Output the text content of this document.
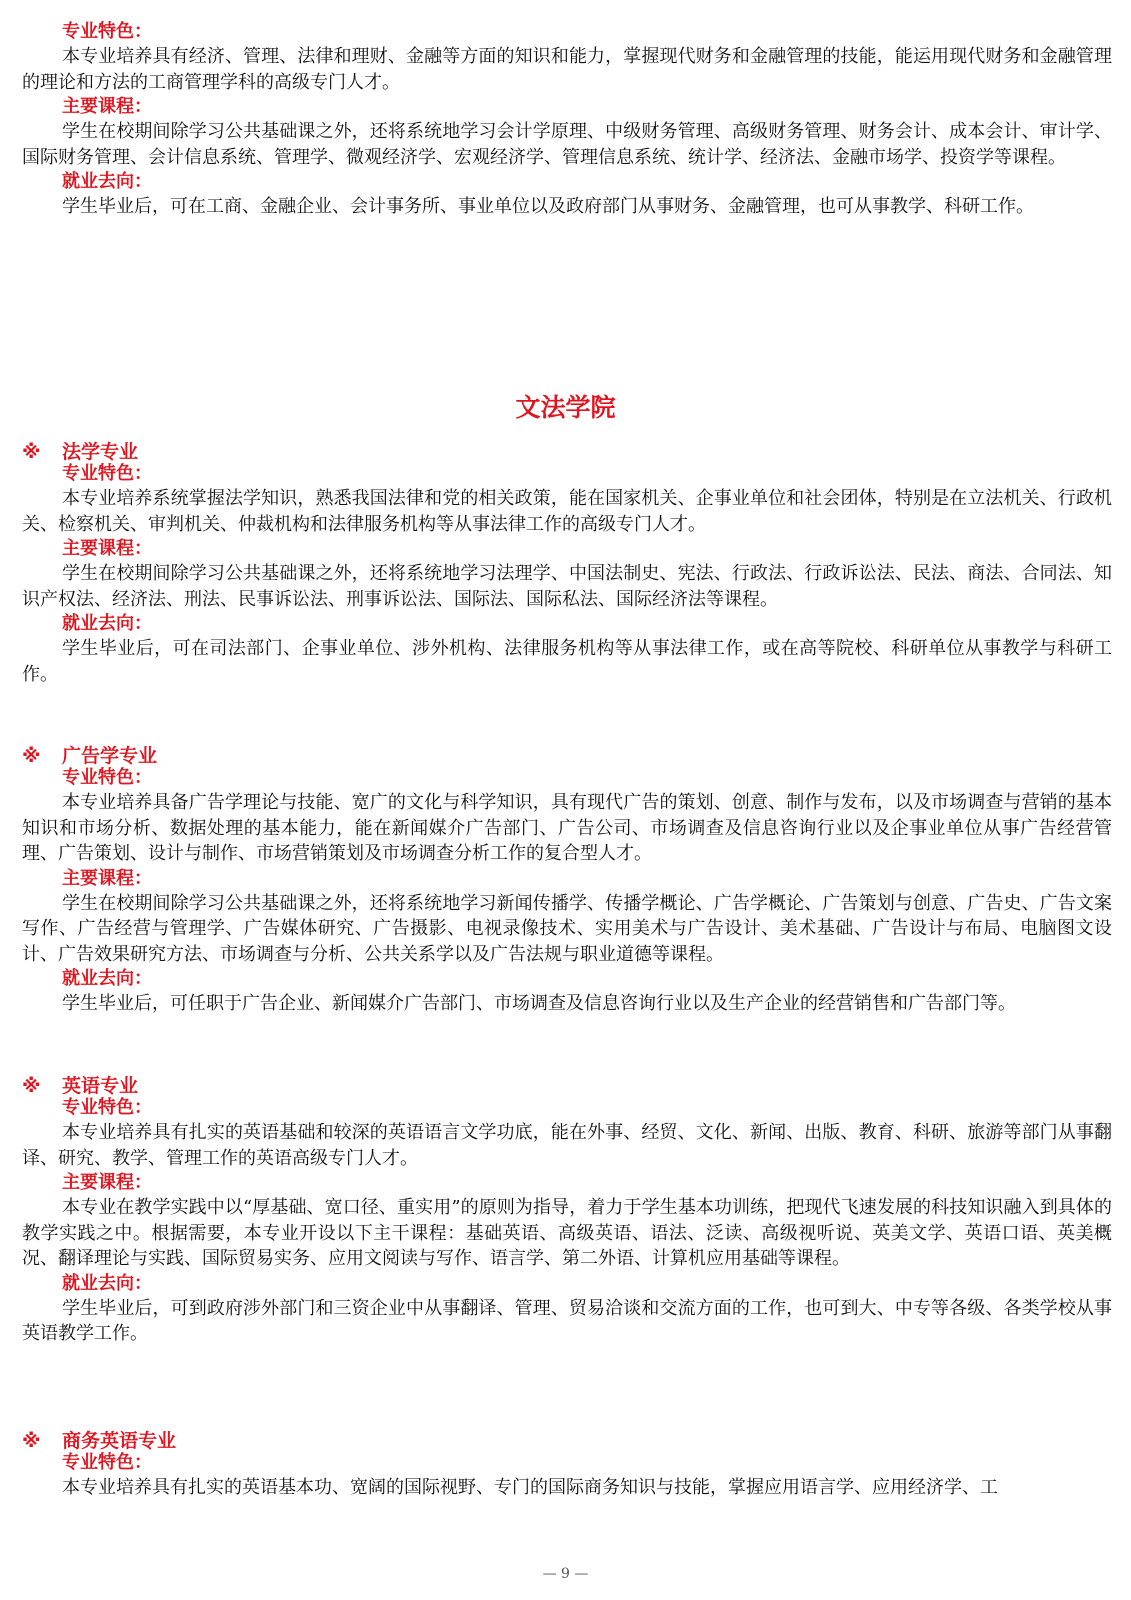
专业特色：

本专业培养具有经济、管理、法律和理财、金融等方面的知识和能力，掌握现代财务和金融管理的技能，能运用现代财务和金融管理的理论和方法的工商管理学科的高级专门人才。

主要课程：

学生在校期间除学习公共基础课之外，还将系统地学习会计学原理、中级财务管理、高级财务管理、财务会计、成本会计、审计学、国际财务管理、会计信息系统、管理学、微观经济学、宏观经济学、管理信息系统、统计学、经济法、金融市场学、投资学等课程。

就业去向：

学生毕业后，可在工商、金融企业、会计事务所、事业单位以及政府部门从事财务、金融管理，也可从事教学、科研工作。

文法学院
※ 法学专业
专业特色：

本专业培养系统掌握法学知识，熟悉我国法律和党的相关政策，能在国家机关、企事业单位和社会团体，特别是在立法机关、行政机关、检察机关、审判机关、仲裁机构和法律服务机构等从事法律工作的高级专门人才。

主要课程：

学生在校期间除学习公共基础课之外，还将系统地学习法理学、中国法制史、宪法、行政法、行政诉讼法、民法、商法、合同法、知识产权法、经济法、刑法、民事诉讼法、刑事诉讼法、国际法、国际私法、国际经济法等课程。

就业去向：

学生毕业后，可在司法部门、企事业单位、涉外机构、法律服务机构等从事法律工作，或在高等院校、科研单位从事教学与科研工作。

※ 广告学专业
专业特色：

本专业培养具备广告学理论与技能、宽广的文化与科学知识，具有现代广告的策划、创意、制作与发布，以及市场调查与营销的基本知识和市场分析、数据处理的基本能力，能在新闻媒介广告部门、广告公司、市场调查及信息咨询行业以及企事业单位从事广告经营管理、广告策划、设计与制作、市场营销策划及市场调查分析工作的复合型人才。

主要课程：

学生在校期间除学习公共基础课之外，还将系统地学习新闻传播学、传播学概论、广告学概论、广告策划与创意、广告史、广告文案写作、广告经营与管理学、广告媒体研究、广告摄影、电视录像技术、实用美术与广告设计、美术基础、广告设计与布局、电脑图文设计、广告效果研究方法、市场调查与分析、公共关系学以及广告法规与职业道德等课程。

就业去向：

学生毕业后，可任职于广告企业、新闻媒介广告部门、市场调查及信息咨询行业以及生产企业的经营销售和广告部门等。

※ 英语专业
专业特色：

本专业培养具有扎实的英语基础和较深的英语语言文学功底，能在外事、经贸、文化、新闻、出版、教育、科研、旅游等部门从事翻译、研究、教学、管理工作的英语高级专门人才。

主要课程：

本专业在教学实践中以“厚基础、宽口径、重实用”的原则为指导，着力于学生基本功训练，把现代飞速发展的科技知识融入到具体的教学实践之中。根据需要，本专业开设以下主干课程：基础英语、高级英语、语法、泛读、高级视听说、英美文学、英语口语、英美概况、翻译理论与实践、国际贸易实务、应用文阅读与写作、语言学、第二外语、计算机应用基础等课程。

就业去向：

学生毕业后，可到政府涉外部门和三资企业中从事翻译、管理、贸易洽谈和交流方面的工作，也可到大、中专等各级、各类学校从事英语教学工作。

※ 商务英语专业
专业特色：

本专业培养具有扎实的英语基本功、宽阔的国际视野、专门的国际商务知识与技能，掌握应用语言学、应用经济学、工

— 9 —
